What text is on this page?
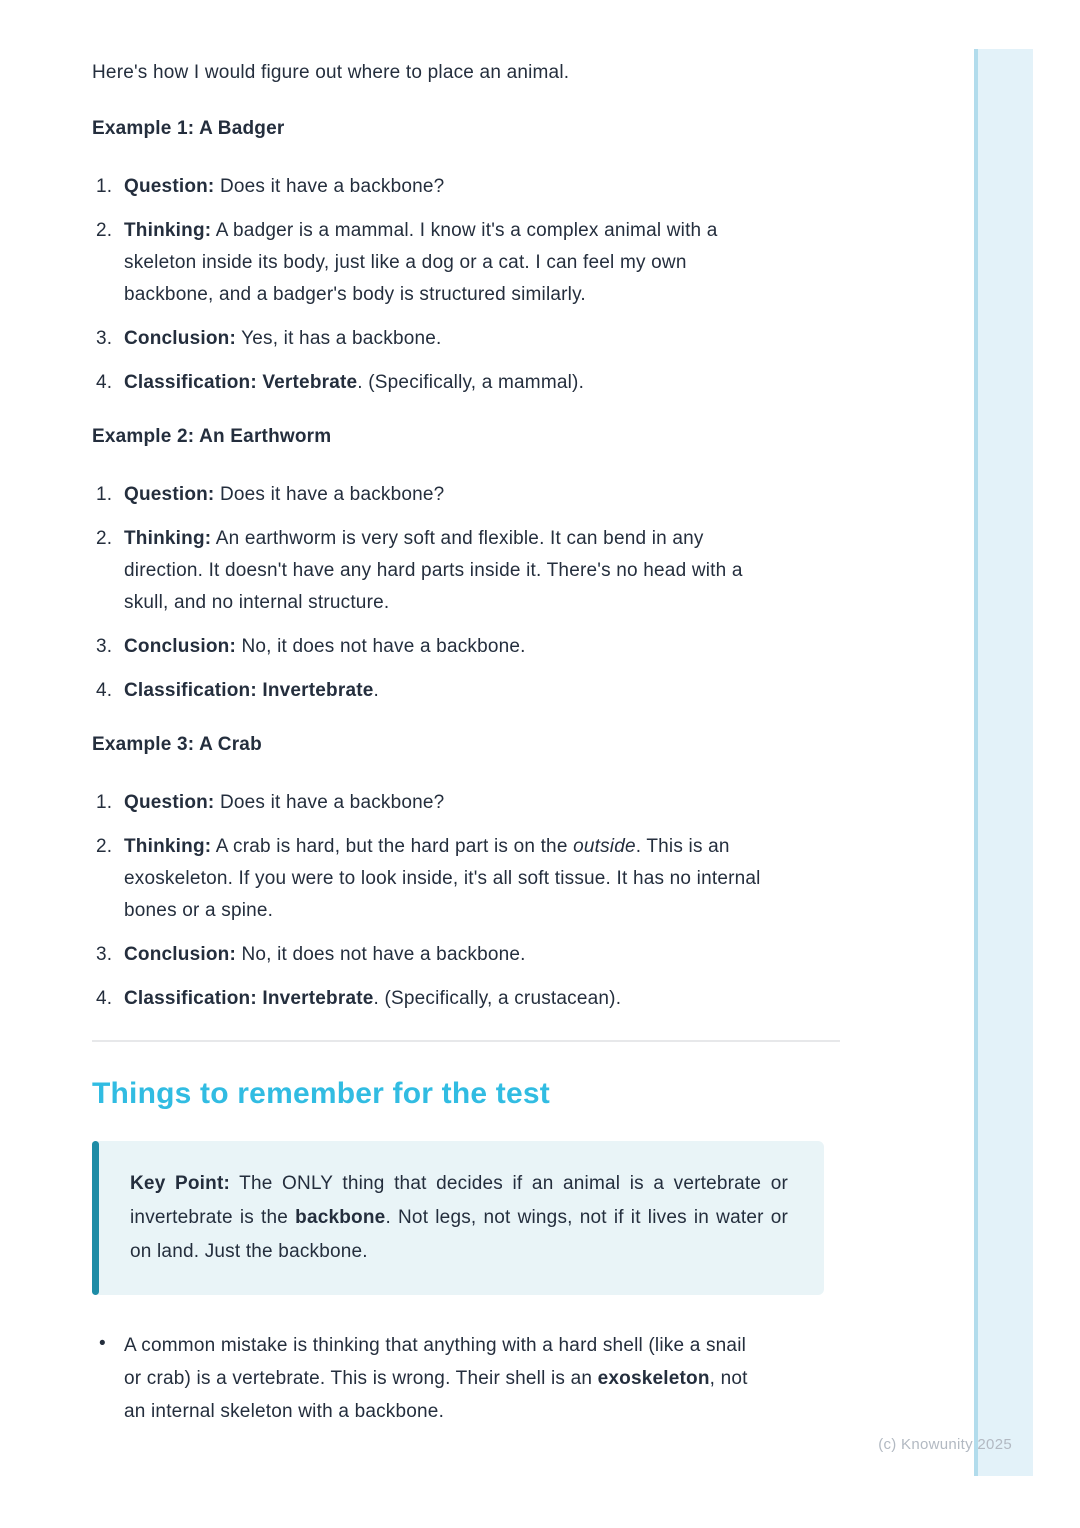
Here's how I would figure out where to place an animal.

Example 1: A Badger
1. Question: Does it have a backbone?
2. Thinking: A badger is a mammal. I know it's a complex animal with a skeleton inside its body, just like a dog or a cat. I can feel my own backbone, and a badger's body is structured similarly.
3. Conclusion: Yes, it has a backbone.
4. Classification: Vertebrate. (Specifically, a mammal).
Example 2: An Earthworm
1. Question: Does it have a backbone?
2. Thinking: An earthworm is very soft and flexible. It can bend in any direction. It doesn't have any hard parts inside it. There's no head with a skull, and no internal structure.
3. Conclusion: No, it does not have a backbone.
4. Classification: Invertebrate.
Example 3: A Crab
1. Question: Does it have a backbone?
2. Thinking: A crab is hard, but the hard part is on the outside. This is an exoskeleton. If you were to look inside, it's all soft tissue. It has no internal bones or a spine.
3. Conclusion: No, it does not have a backbone.
4. Classification: Invertebrate. (Specifically, a crustacean).
Things to remember for the test

Key Point: The ONLY thing that decides if an animal is a vertebrate or invertebrate is the backbone. Not legs, not wings, not if it lives in water or on land. Just the backbone.

• A common mistake is thinking that anything with a hard shell (like a snail or crab) is a vertebrate. This is wrong. Their shell is an exoskeleton, not an internal skeleton with a backbone.
(c) Knowunity 2025
